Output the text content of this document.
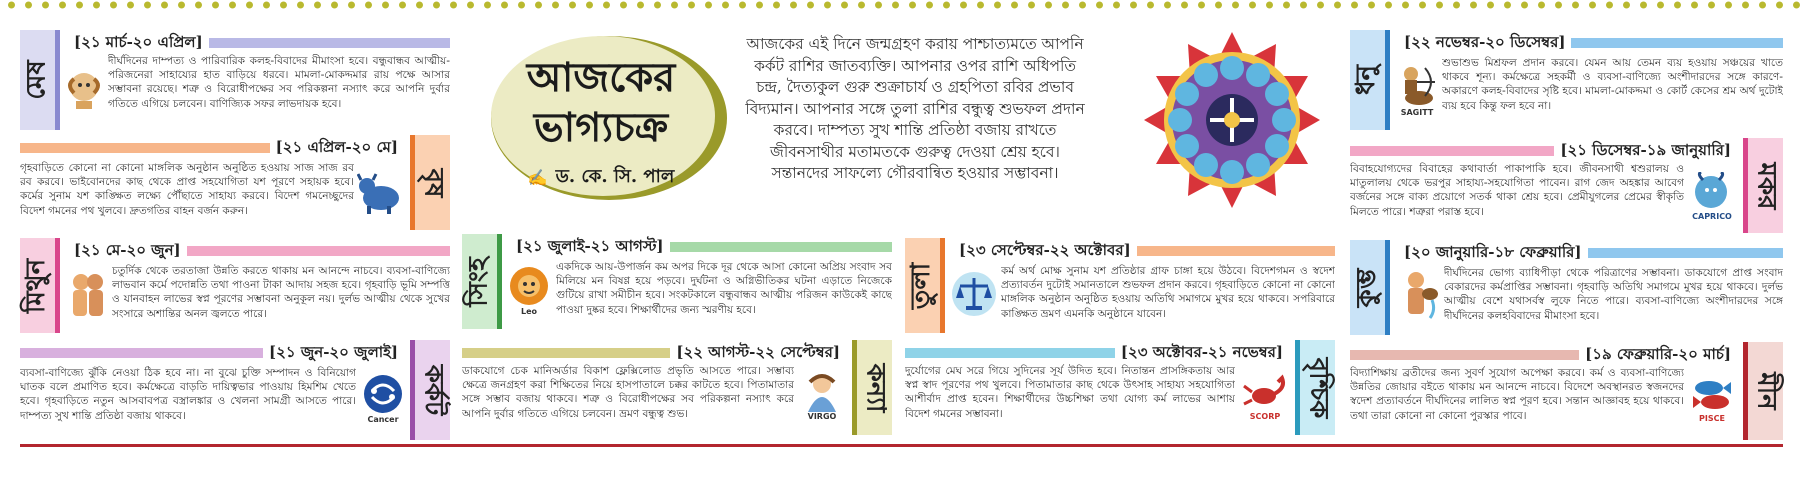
মেষ
[২১ মার্চ-২০ এপ্রিল]
দীর্ঘদিনের দাম্পত্য ও পারিবারিক কলহ-বিবাদের মীমাংসা হবে। বন্ধুবান্ধব আত্মীয়-পরিজনেরা সাহায্যের হাত বাড়িয়ে ধরবে। মামলা-মোকদ্দমার রায় পক্ষে আসার সম্ভাবনা রয়েছে। শত্রু ও বিরোধীপক্ষের সব পরিকল্পনা নস্যাৎ করে আপনি দুর্বার গতিতে এগিয়ে চলবেন। বাণিজ্যিক সফর লাভদায়ক হবে।
বৃষ
[২১ এপ্রিল-২০ মে]
গৃহবাড়িতে কোনো না কোনো মাঙ্গলিক অনুষ্ঠান অনুষ্ঠিত হওয়ায় সাজ সাজ রব রব করবে। ভাইবোনদের কাছ থেকে প্রাপ্ত সহযোগিতা যশ পূরণে সহায়ক হবে। কর্মের সুনাম যশ কাঙ্ক্ষিত লক্ষ্যে পৌঁছাতে সাহায্য করবে। বিদেশ গমনেচ্ছুদের বিদেশ গমনের পথ খুলবে। দ্রুতগতির বাহন বর্জন করুন।
মিথুন
[২১ মে-২০ জুন]
চতুর্দিক থেকে তরতাজা উন্নতি করতে থাকায় মন আনন্দে নাচবে। ব্যবসা-বাণিজ্যে লাভবান কর্মে পদোন্নতি তথা পাওনা টাকা আদায় সহজ হবে। গৃহবাড়ি ভূমি সম্পত্তি ও যানবাহন লাভের স্বপ্ন পূরণের সম্ভাবনা অনুকূল নয়। দুর্লভ আত্মীয় থেকে সুখের সংসারে অশান্তির অনল জ্বলতে পারে।
কর্কট
[২১ জুন-২০ জুলাই]
Cancer
ব্যবসা-বাণিজ্যে ঝুঁকি নেওয়া ঠিক হবে না। না বুঝে চুক্তি সম্পাদন ও বিনিয়োগ ঘাতক বলে প্রমাণিত হবে। কর্মক্ষেত্রে বাড়তি দায়িত্বভার পাওয়ায় হিমশিম খেতে হবে। গৃহবাড়িতে নতুন আসবাবপত্র বস্ত্রালঙ্কার ও খেলনা সামগ্রী আসতে পারে। দাম্পত্য সুখ শান্তি প্রতিষ্ঠা বজায় থাকবে।
আজকের
ভাগ্যচক্র
✍ ড. কে. সি. পাল
আজকের এই দিনে জন্মগ্রহণ করায় পাশ্চাত্যমতে আপনি কর্কট রাশির জাতব্যক্তি। আপনার ওপর রাশি অধিপতি চন্দ্র, দৈত্যকুল গুরু শুক্রাচার্য ও গ্রহপিতা রবির প্রভাব বিদ্যমান। আপনার সঙ্গে তুলা রাশির বন্ধুত্ব শুভফল প্রদান করবে। দাম্পত্য সুখ শান্তি প্রতিষ্ঠা বজায় রাখতে জীবনসাথীর মতামতকে গুরুত্ব দেওয়া শ্রেয় হবে। সন্তানদের সাফল্যে গৌরবান্বিত হওয়ার সম্ভাবনা।
সিংহ
[২১ জুলাই-২১ আগস্ট]
Leo
একদিকে আয়-উপার্জন কম অপর দিকে দূর থেকে আসা কোনো অপ্রিয় সংবাদ সব মিলিয়ে মন বিষণ্ণ হয়ে পড়বে। দুর্ঘটনা ও অগ্নিভীতিকর ঘটনা এড়াতে নিজেকে গুটিয়ে রাখা সমীচীন হবে। সংকটকালে বন্ধুবান্ধব আত্মীয় পরিজন কাউকেই কাছে পাওয়া দুষ্কর হবে। শিক্ষার্থীদের জন্য স্মরণীয় হবে।
কন্যা
[২২ আগস্ট-২২ সেপ্টেম্বর]
VIRGO
ডাকযোগে চেক মানিঅর্ডার বিকাশ ফ্লেক্সিলোড প্রভৃতি আসতে পারে। সম্ভাব্য ক্ষেত্রে জনগ্রহণ করা শিক্ষিতের নিয়ে হাসপাতালে চক্কর কাটতে হবে। পিতামাতার সঙ্গে সম্ভাব বজায় থাকবে। শত্রু ও বিরোধীপক্ষের সব পরিকল্পনা নস্যাৎ করে আপনি দুর্বার গতিতে এগিয়ে চলবেন। ভ্রমণ বন্ধুত্ব শুভ।
তুলা
[২৩ সেপ্টেম্বর-২২ অক্টোবর]
কর্ম অর্থ মোক্ষ সুনাম যশ প্রতিষ্ঠার গ্রাফ চাঙ্গা হয়ে উঠবে। বিদেশগমন ও স্বদেশ প্রত্যাবর্তন দুটোই সমানতালে শুভফল প্রদান করবে। গৃহবাড়িতে কোনো না কোনো মাঙ্গলিক অনুষ্ঠান অনুষ্ঠিত হওয়ায় অতিথি সমাগমে মুখর হয়ে থাকবে। সপরিবারে কাঙ্ক্ষিত ভ্রমণ এমনকি অনুষ্ঠানে যাবেন।
বৃশ্চিক
[২৩ অক্টোবর-২১ নভেম্বর]
SCORP
দুর্যোগের মেঘ সরে গিয়ে সুদিনের সূর্য উদিত হবে। নিতান্তন প্রাসঙ্গিকতায় আর স্বপ্ন স্বাদ পূরণের পথ খুলবে। পিতামাতার কাছ থেকে উৎসাহ সাহায্য সহযোগিতা আশীর্বাদ প্রাপ্ত হবেন। শিক্ষার্থীদের উচ্চশিক্ষা তথা যোগ্য কর্ম লাভের আশায় বিদেশ গমনের সম্ভাবনা।
ধনু
[২২ নভেম্বর-২০ ডিসেম্বর]
SAGITT
শুভাশুভ মিশ্রফল প্রদান করবে। যেমন আয় তেমন ব্যয় হওয়ায় সঞ্চয়ের খাতে থাকবে শূন্য। কর্মক্ষেত্রে সহকর্মী ও ব্যবসা-বাণিজ্যে অংশীদারদের সঙ্গে কারণে-অকারণে কলহ-বিবাদের সৃষ্টি হবে। মামলা-মোকদ্দমা ও কোর্ট কেসের শ্রম অর্থ দুটোই ব্যয় হবে কিন্তু ফল হবে না।
মকর
[২১ ডিসেম্বর-১৯ জানুয়ারি]
CAPRICO
বিবাহযোগ্যদের বিবাহের কথাবার্তা পাকাপাকি হবে। জীবনসাথী শ্বশুরালয় ও মাতুলালয় থেকে ভরপুর সাহায্য-সহযোগিতা পাবেন। রাগ জেদ অহঙ্কার আবেগ বর্জনের সঙ্গে বাক্য প্রয়োগে সতর্ক থাকা শ্রেয় হবে। প্রেমীযুগলের প্রেমের স্বীকৃতি মিলতে পারে। শত্রুরা পরাস্ত হবে।
কুম্ভ
[২০ জানুয়ারি-১৮ ফেব্রুয়ারি]
দীর্ঘদিনের ভোগ্য ব্যাধিপীড়া থেকে পরিত্রাণের সম্ভাবনা। ডাকযোগে প্রাপ্ত সংবাদ বেকারদের কর্মপ্রাপ্তির সম্ভাবনা। গৃহবাড়ি অতিথি সমাগমে মুখর হয়ে থাকবে। দুর্লভ আত্মীয় বেশে যথাসর্বস্ব লুফে নিতে পারে। ব্যবসা-বাণিজ্যে অংশীদারদের সঙ্গে দীর্ঘদিনের কলহবিবাদের মীমাংসা হবে।
মীন
[১৯ ফেব্রুয়ারি-২০ মার্চ]
PISCE
বিদ্যাশিক্ষায় ব্রতীদের জন্য সুবর্ণ সুযোগ অপেক্ষা করবে। কর্ম ও ব্যবসা-বাণিজ্যে উন্নতির জোয়ার বইতে থাকায় মন আনন্দে নাচবে। বিদেশে অবস্থানরত স্বজনদের স্বদেশ প্রত্যাবর্তনে দীর্ঘদিনের লালিত স্বপ্ন পূরণ হবে। সন্তান আজ্ঞাবহ হয়ে থাকবে। তথা তারা কোনো না কোনো পুরস্কার পাবে।
